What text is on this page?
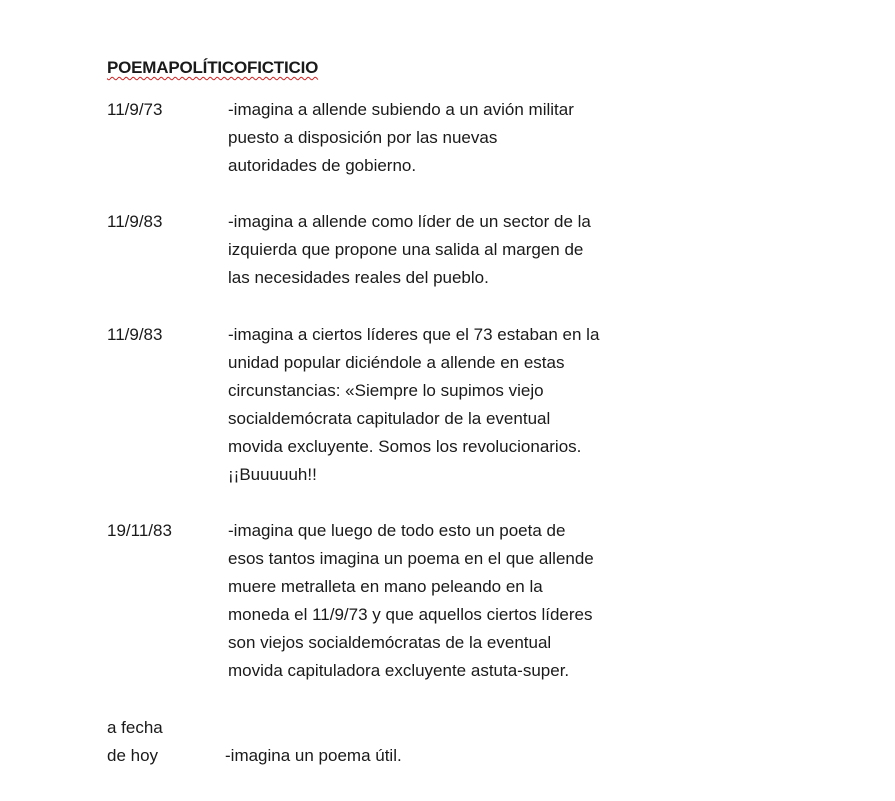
POEMAPOLÍTICOFICTICIO
11/9/73	-imagina a allende subiendo a un avión militar
puesto a disposición por las nuevas
autoridades de gobierno.
11/9/83	-imagina a allende como líder de un sector de la
izquierda que propone una salida al margen de
las necesidades reales del pueblo.
11/9/83	-imagina a ciertos líderes que el 73 estaban en la
unidad popular diciéndole a allende en estas
circunstancias: «Siempre lo supimos viejo
socialdemócrata capitulador de la eventual
movida excluyente. Somos los revolucionarios.
¡¡Buuuuuh!!
19/11/83	-imagina que luego de todo esto un poeta de
esos tantos imagina un poema en el que allende
muere metralleta en mano peleando en la
moneda el 11/9/73 y que aquellos ciertos líderes
son viejos socialdemócratas de la eventual
movida capituladora excluyente astuta-super.
a fecha
de hoy	-imagina un poema útil.
